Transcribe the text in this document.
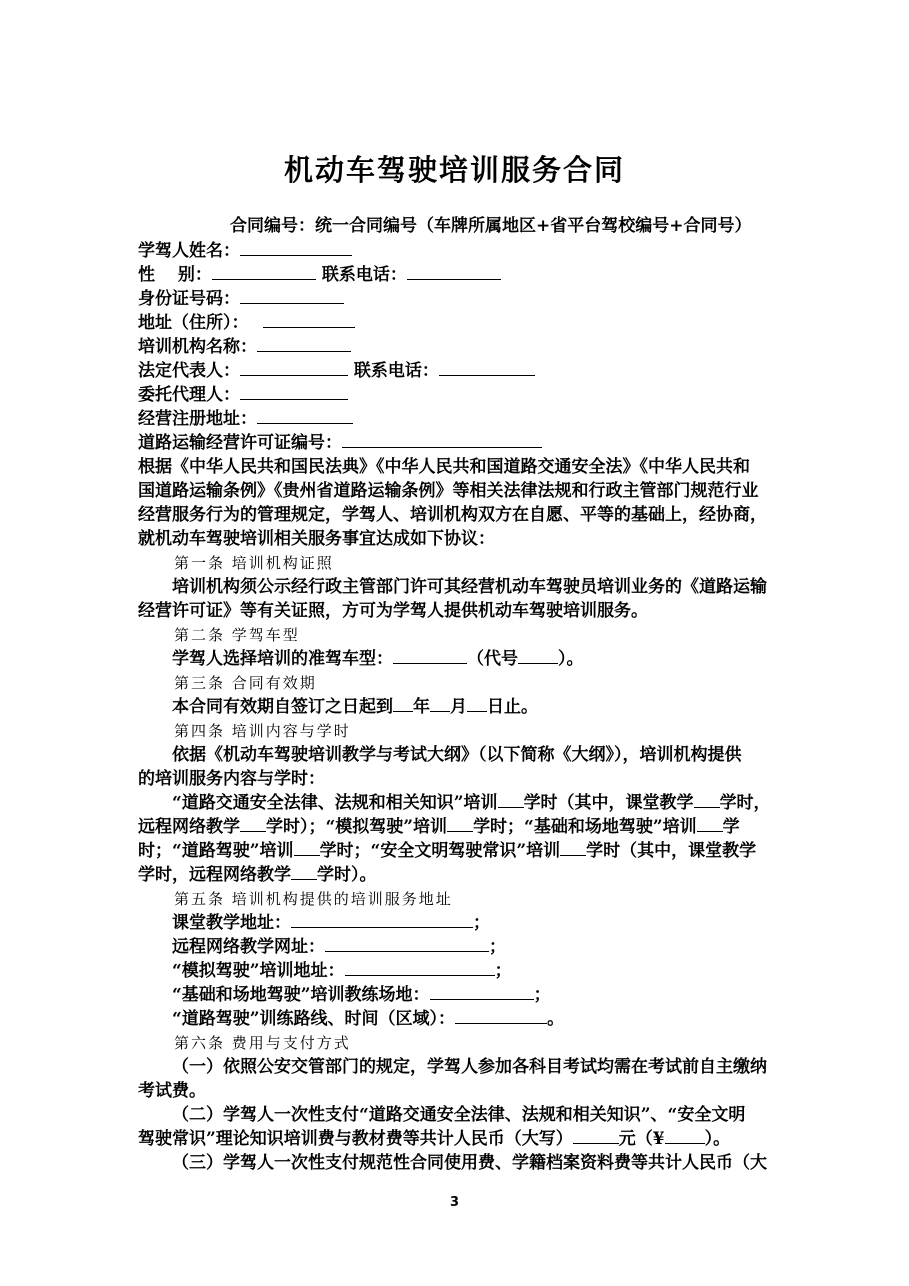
机动车驾驶培训服务合同
合同编号：统一合同编号（车牌所属地区+省平台驾校编号+合同号）
学驾人姓名：
性　 别：	联系电话：
身份证号码：
地址（住所）：
培训机构名称：
法定代表人：	联系电话：
委托代理人：
经营注册地址：
道路运输经营许可证编号：
根据《中华人民共和国民法典》《中华人民共和国道路交通安全法》《中华人民共和
国道路运输条例》《贵州省道路运输条例》等相关法律法规和行政主管部门规范行业
经营服务行为的管理规定，学驾人、培训机构双方在自愿、平等的基础上，经协商，
就机动车驾驶培训相关服务事宜达成如下协议：
第一条 培训机构证照
培训机构须公示经行政主管部门许可其经营机动车驾驶员培训业务的《道路运输
经营许可证》等有关证照，方可为学驾人提供机动车驾驶培训服务。
第二条 学驾车型
学驾人选择培训的准驾车型：	（代号 ）。
第三条 合同有效期
本合同有效期自签订之日起到 年 月 日止。
第四条 培训内容与学时
依据《机动车驾驶培训教学与考试大纲》（以下简称《大纲》），培训机构提供
的培训服务内容与学时：
“道路交通安全法律、法规和相关知识”培训 学时（其中，课堂教学 学时，
远程网络教学 学时）；“模拟驾驶”培训 学时；“基础和场地驾驶”培训 学
时；“道路驾驶”培训 学时；“安全文明驾驶常识”培训 学时（其中，课堂教学
学时，远程网络教学 学时）。
第五条 培训机构提供的培训服务地址
课堂教学地址：	；
远程网络教学网址：	；
“模拟驾驶”培训地址：	；
“基础和场地驾驶”培训教练场地：	；
“道路驾驶”训练路线、时间（区域）：	。
第六条 费用与支付方式
（一）依照公安交管部门的规定，学驾人参加各科目考试均需在考试前自主缴纳
考试费。
（二）学驾人一次性支付“道路交通安全法律、法规和相关知识”、“安全文明
驾驶常识”理论知识培训费与教材费等共计人民币（大写）	元（¥ ）。
（三）学驾人一次性支付规范性合同使用费、学籍档案资料费等共计人民币（大
3
